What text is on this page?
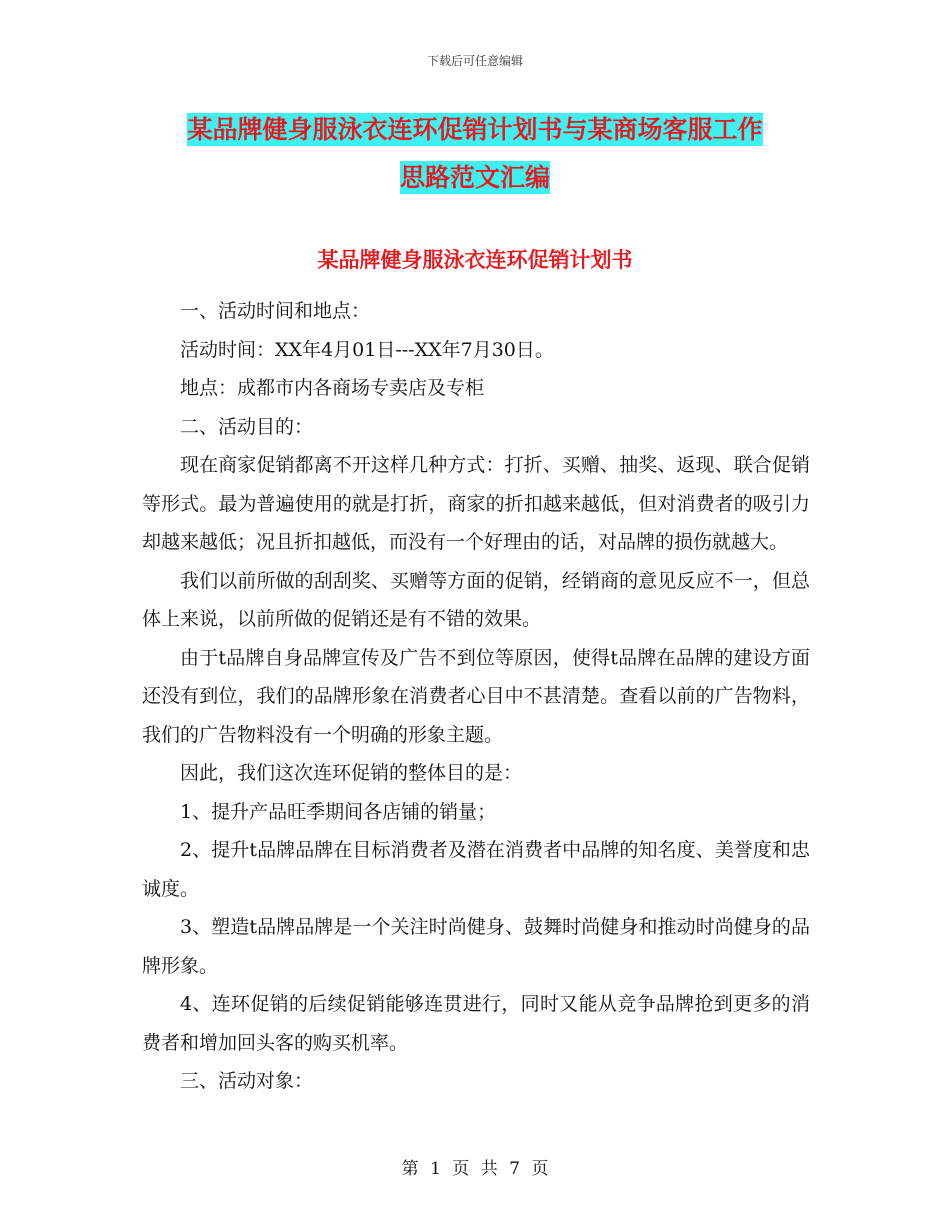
下载后可任意编辑
某品牌健身服泳衣连环促销计划书与某商场客服工作
思路范文汇编
某品牌健身服泳衣连环促销计划书

一、活动时间和地点：

活动时间：XX年4月01日---XX年7月30日。

地点：成都市内各商场专卖店及专柜

二、活动目的：

现在商家促销都离不开这样几种方式：打折、买赠、抽奖、返现、联合促销等形式。最为普遍使用的就是打折，商家的折扣越来越低，但对消费者的吸引力却越来越低；况且折扣越低，而没有一个好理由的话，对品牌的损伤就越大。

我们以前所做的刮刮奖、买赠等方面的促销，经销商的意见反应不一，但总体上来说，以前所做的促销还是有不错的效果。

由于t品牌自身品牌宣传及广告不到位等原因，使得t品牌在品牌的建设方面还没有到位，我们的品牌形象在消费者心目中不甚清楚。查看以前的广告物料，我们的广告物料没有一个明确的形象主题。

因此，我们这次连环促销的整体目的是：

1、提升产品旺季期间各店铺的销量；

2、提升t品牌品牌在目标消费者及潜在消费者中品牌的知名度、美誉度和忠诚度。

3、塑造t品牌品牌是一个关注时尚健身、鼓舞时尚健身和推动时尚健身的品牌形象。

4、连环促销的后续促销能够连贯进行，同时又能从竞争品牌抢到更多的消费者和增加回头客的购买机率。

三、活动对象：

第 1 页 共 7 页
